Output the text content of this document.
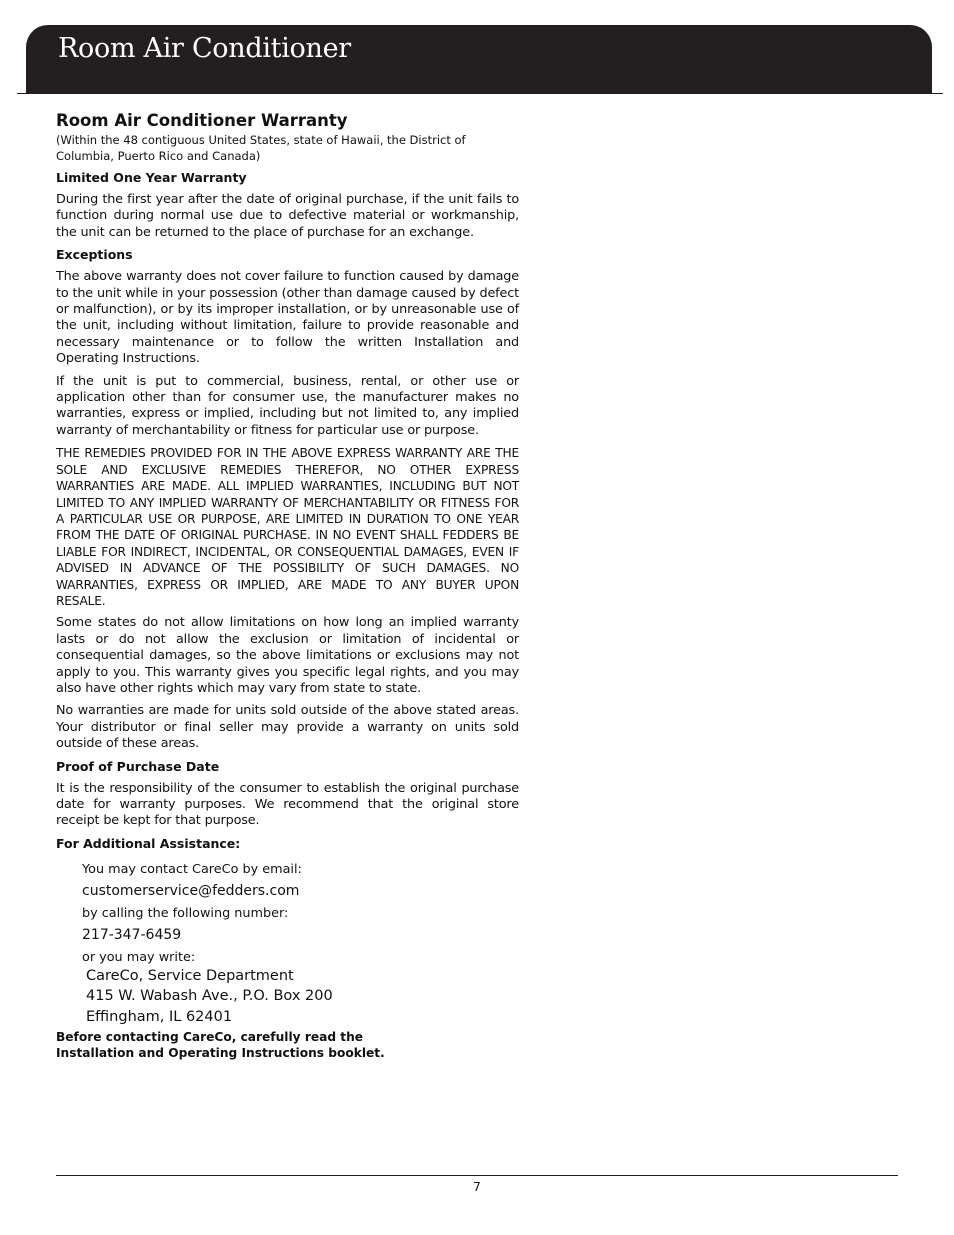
Room Air Conditioner

Room Air Conditioner Warranty

(Within the 48 contiguous United States, state of Hawaii, the District of Columbia, Puerto Rico and Canada)

Limited One Year Warranty

During the first year after the date of original purchase, if the unit fails to function during normal use due to defective material or workmanship, the unit can be returned to the place of purchase for an exchange.

Exceptions

The above warranty does not cover failure to function caused by damage to the unit while in your possession (other than damage caused by defect or malfunction), or by its improper installation, or by unreasonable use of the unit, including without limitation, failure to provide reasonable and necessary maintenance or to follow the written Installation and Operating Instructions.

If the unit is put to commercial, business, rental, or other use or application other than for consumer use, the manufacturer makes no warranties, express or implied, including but not limited to, any implied warranty of merchantability or fitness for particular use or purpose.

THE REMEDIES PROVIDED FOR IN THE ABOVE EXPRESS WARRANTY ARE THE SOLE AND EXCLUSIVE REMEDIES THEREFOR, NO OTHER EXPRESS WARRANTIES ARE MADE. ALL IMPLIED WARRANTIES, INCLUDING BUT NOT LIMITED TO ANY IMPLIED WARRANTY OF MERCHANTABILITY OR FITNESS FOR A PARTICULAR USE OR PURPOSE, ARE LIMITED IN DURATION TO ONE YEAR FROM THE DATE OF ORIGINAL PURCHASE. IN NO EVENT SHALL FEDDERS BE LIABLE FOR INDIRECT, INCIDENTAL, OR CONSEQUENTIAL DAMAGES, EVEN IF ADVISED IN ADVANCE OF THE POSSIBILITY OF SUCH DAMAGES. NO WARRANTIES, EXPRESS OR IMPLIED, ARE MADE TO ANY BUYER UPON RESALE.

Some states do not allow limitations on how long an implied warranty lasts or do not allow the exclusion or limitation of incidental or consequential damages, so the above limitations or exclusions may not apply to you. This warranty gives you specific legal rights, and you may also have other rights which may vary from state to state.

No warranties are made for units sold outside of the above stated areas. Your distributor or final seller may provide a warranty on units sold outside of these areas.

Proof of Purchase Date

It is the responsibility of the consumer to establish the original purchase date for warranty purposes. We recommend that the original store receipt be kept for that purpose.

For Additional Assistance:

You may contact CareCo by email:
customerservice@fedders.com
by calling the following number:
217-347-6459
or you may write:
CareCo, Service Department
415 W. Wabash Ave., P.O. Box 200
Effingham, IL 62401
Before contacting CareCo, carefully read the
Installation and Operating Instructions booklet.
7
